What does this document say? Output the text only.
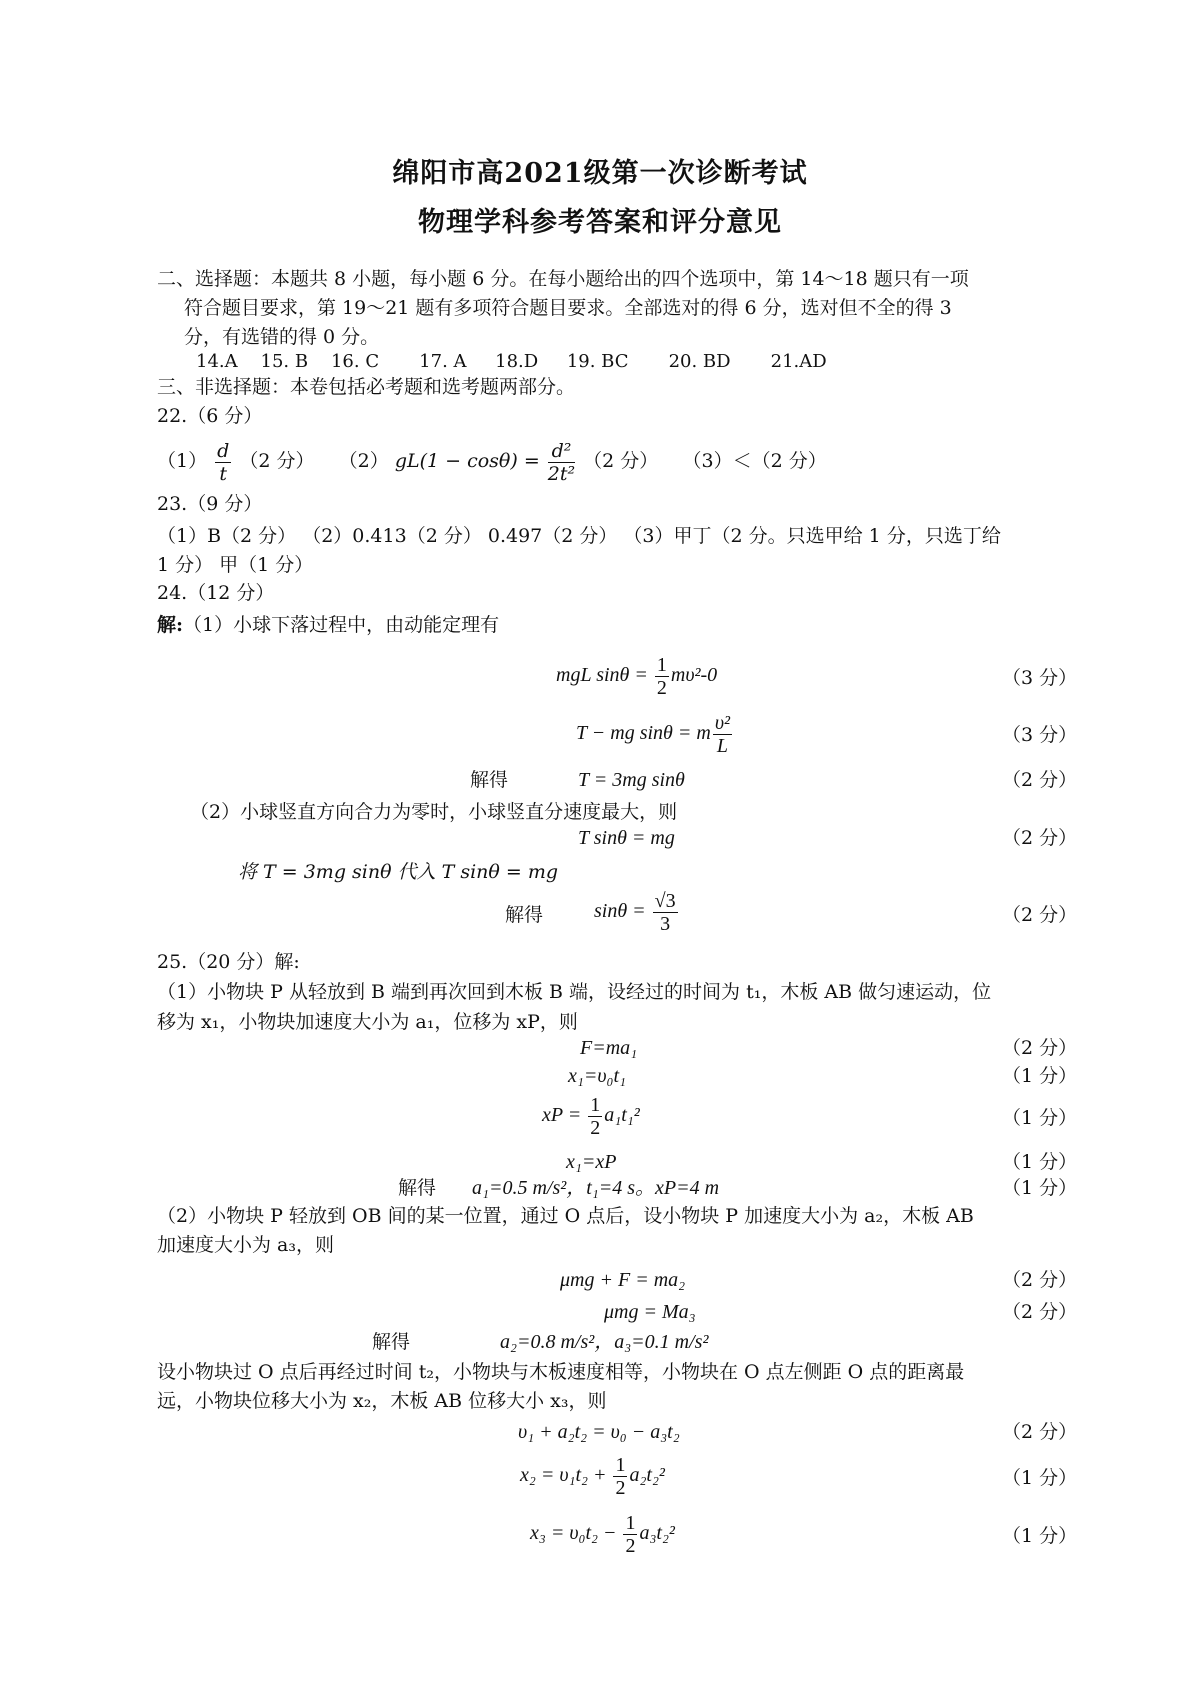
绵阳市高2021级第一次诊断考试
物理学科参考答案和评分意见
二、选择题：本题共 8 小题，每小题 6 分。在每小题给出的四个选项中，第 14～18 题只有一项
符合题目要求，第 19～21 题有多项符合题目要求。全部选对的得 6 分，选对但不全的得 3
分，有选错的得 0 分。
14.A 15. B 16. C 17. A 18.D 19. BC 20. BD 21.AD
三、非选择题：本卷包括必考题和选考题两部分。
22.（6 分）
$(1) \frac{d}{t} (2$ 分） （2） $gL(1 - \cos\theta) = \frac{\text{d²}}{\text{2t²}} (2$ 分） （3）＜（2 分）
23.（9 分）
（1）B（2 分） （2）0.413（2 分） 0.497（2 分） （3）甲丁（2 分。只选甲给 1 分，只选丁给
1 分） 甲（1 分）
24.（12 分）
解:（1）小球下落过程中，由动能定理有
mgL $\sin\theta = \frac{1}{2} m\upsilon^2-0$	（3 分）
T − mg sinθ = m $\frac{\text{υ²}}{L}$	（3 分）
解得	T = 3mg sinθ	（2 分）
（2）小球竖直方向合力为零时，小球竖直分速度最大，则
T sinθ = mg	（2 分）
将 T = 3mg sinθ 代入 T sinθ = mg
解得	$\sin\theta = \frac{√3}{3}$	（2 分）
25.（20 分）解:
（1）小物块 P 从轻放到 B 端到再次回到木板 B 端，设经过的时间为 t₁，木板 AB 做匀速运动，位
移为 x₁，小物块加速度大小为 a₁，位移为 xP，则
F=ma₁	（2 分）
x₁=υ₀t₁	（1 分）
xP = $\frac{1}{2} a_1t_1^2$	（1 分）
x₁=xP	（1 分）
解得 a₁=0.5 m/s²，t₁=4 s。xP=4 m	（1 分）
（2）小物块 P 轻放到 OB 间的某一位置，通过 O 点后，设小物块 P 加速度大小为 a₂，木板 AB
加速度大小为 a₃，则
μmg + F = ma₂	（2 分）
μmg = Ma₃	（2 分）
解得	a₂=0.8 m/s²，a₃=0.1 m/s²
设小物块过 O 点后再经过时间 t₂，小物块与木板速度相等，小物块在 O 点左侧距 O 点的距离最
远，小物块位移大小为 x₂，木板 AB 位移大小 x₃，则
υ₁ + a₂t₂ = υ₀ − a₃t₂	（2 分）
$x_2 = \upsilon_1t_2 + \frac{1}{2} a_2t_2^2$	（1 分）
$x_3 = \upsilon_0t_2 - \frac{1}{2} a_3t_2^2$	（1 分）
